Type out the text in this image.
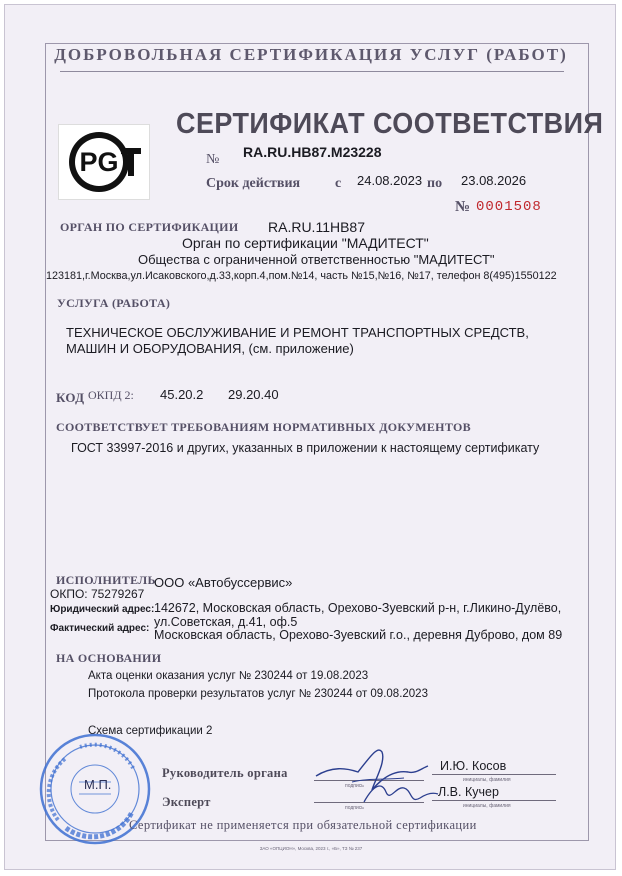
ДОБРОВОЛЬНАЯ СЕРТИФИКАЦИЯ УСЛУГ (РАБОТ)
PG
СЕРТИФИКАТ СООТВЕТСТВИЯ
№ RA.RU.HB87.M23228
Срок действия с 24.08.2023 по 23.08.2026
№ 0001508
ОРГАН ПО СЕРТИФИКАЦИИ RA.RU.11HB87
Орган по сертификации "МАДИТЕСТ"
Общества с ограниченной ответственностью "МАДИТЕСТ"
123181,г.Москва,ул.Исаковского,д.33,корп.4,пом.№14, часть №15,№16, №17, телефон 8(495)1550122
УСЛУГА (РАБОТА)
ТЕХНИЧЕСКОЕ ОБСЛУЖИВАНИЕ И РЕМОНТ ТРАНСПОРТНЫХ СРЕДСТВ,
МАШИН И ОБОРУДОВАНИЯ, (см. приложение)
КОД ОКПД 2: 45.20.2 29.20.40
СООТВЕТСТВУЕТ ТРЕБОВАНИЯМ НОРМАТИВНЫХ ДОКУМЕНТОВ
ГОСТ 33997-2016 и других, указанных в приложении к настоящему сертификату
ИСПОЛНИТЕЛЬ
ООО «Автобуссервис»
ОКПО: 75279267
Юридический адрес: 142672, Московская область, Орехово-Зуевский р-н, г.Ликино-Дулёво,
ул.Советская, д.41, оф.5
Фактический адрес: Московская область, Орехово-Зуевский г.о., деревня Дуброво, дом 89
НА ОСНОВАНИИ
Акта оценки оказания услуг № 230244 от 19.08.2023
Протокола проверки результатов услуг № 230244 от 09.08.2023
Схема сертификации 2
М.П.
Руководитель органа
подпись
И.Ю. Косов
инициалы, фамилия
Эксперт	подпись
Л.В. Кучер
инициалы, фамилия
Сертификат не применяется при обязательной сертификации
ЗАО «ОПЦИОН», Москва, 2023 г., «Б», ТЗ № 237
